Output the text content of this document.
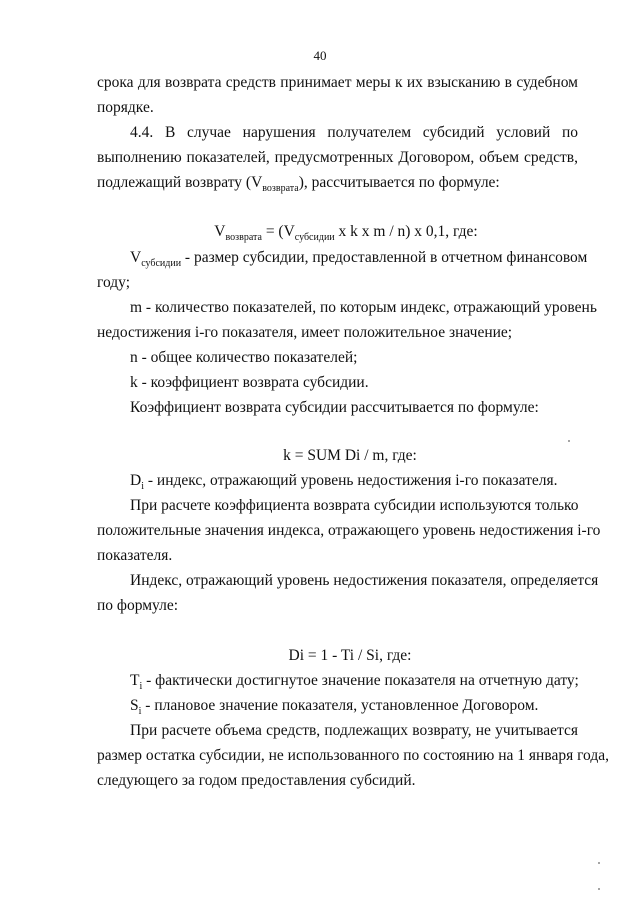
40
срока для возврата средств принимает меры к их взысканию в судебном
порядке.
4.4. В случае нарушения получателем субсидий условий по
выполнению показателей, предусмотренных Договором, объем средств,
подлежащий возврату $(V_{возврата})$, рассчитывается по формуле:
$V_{возврата} = (V_{субсидии}$ x k x m / n) x 0,1, где:
$V_{субсидии}$ - размер субсидии, предоставленной в отчетном финансовом
году;
m - количество показателей, по которым индекс, отражающий уровень
недостижения i-го показателя, имеет положительное значение;
n - общее количество показателей;
k - коэффициент возврата субсидии.
Коэффициент возврата субсидии рассчитывается по формуле:
k = SUM Di / m, где:
$D_i$ - индекс, отражающий уровень недостижения i-го показателя.
При расчете коэффициента возврата субсидии используются только
положительные значения индекса, отражающего уровень недостижения i-го
показателя.
Индекс, отражающий уровень недостижения показателя, определяется
по формуле:
Di = 1 - Ti / Si, где:
$T_i$ - фактически достигнутое значение показателя на отчетную дату;
$S_i$ - плановое значение показателя, установленное Договором.
При расчете объема средств, подлежащих возврату, не учитывается
размер остатка субсидии, не использованного по состоянию на 1 января года,
следующего за годом предоставления субсидий.
